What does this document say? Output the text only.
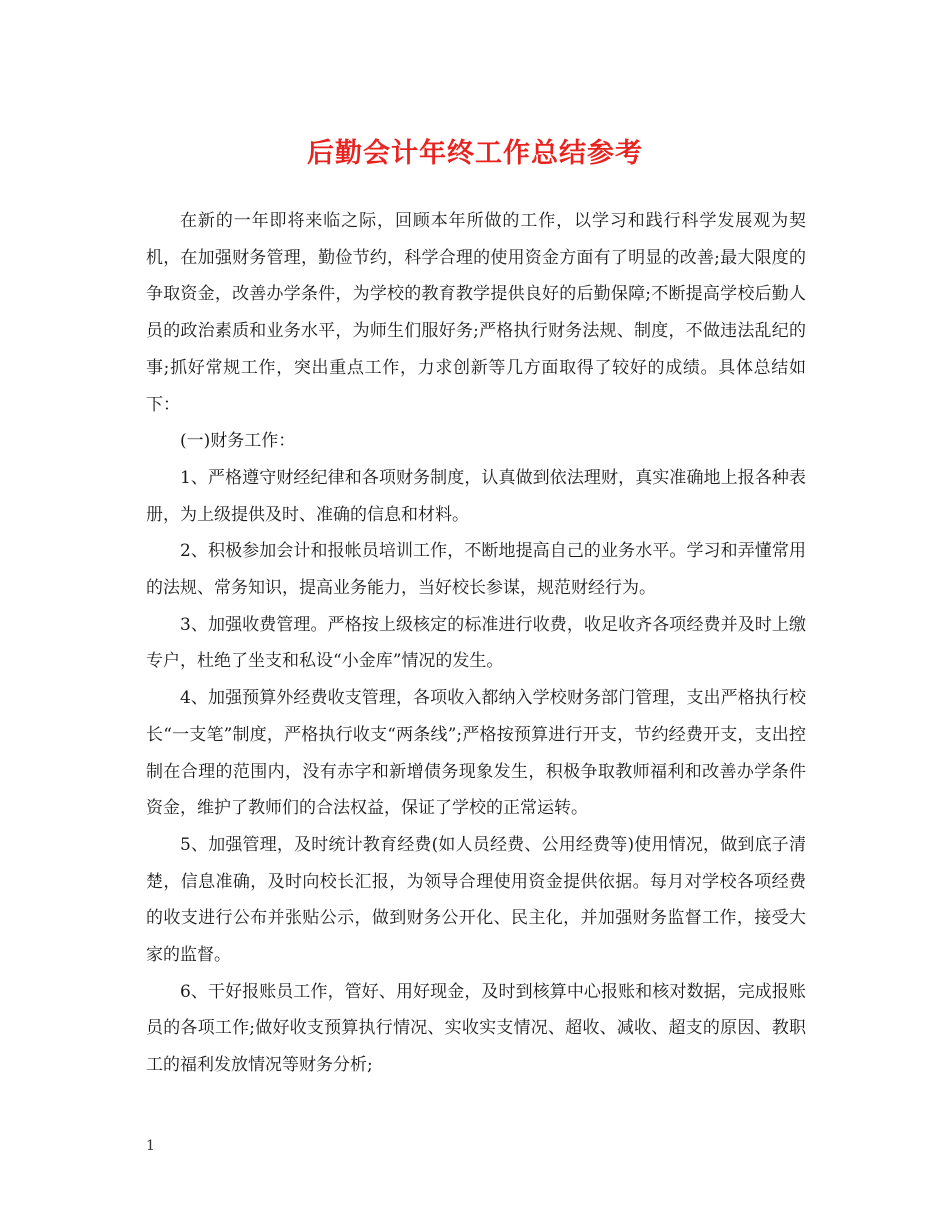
后勤会计年终工作总结参考

在新的一年即将来临之际，回顾本年所做的工作，以学习和践行科学发展观为契机，在加强财务管理，勤俭节约，科学合理的使用资金方面有了明显的改善;最大限度的争取资金，改善办学条件，为学校的教育教学提供良好的后勤保障;不断提高学校后勤人员的政治素质和业务水平，为师生们服好务;严格执行财务法规、制度，不做违法乱纪的事;抓好常规工作，突出重点工作，力求创新等几方面取得了较好的成绩。具体总结如下：

(一)财务工作：

1、严格遵守财经纪律和各项财务制度，认真做到依法理财，真实准确地上报各种表册，为上级提供及时、准确的信息和材料。

2、积极参加会计和报帐员培训工作，不断地提高自己的业务水平。学习和弄懂常用的法规、常务知识，提高业务能力，当好校长参谋，规范财经行为。

3、加强收费管理。严格按上级核定的标准进行收费，收足收齐各项经费并及时上缴专户，杜绝了坐支和私设“小金库”情况的发生。

4、加强预算外经费收支管理，各项收入都纳入学校财务部门管理，支出严格执行校长“一支笔”制度，严格执行收支“两条线”;严格按预算进行开支，节约经费开支，支出控制在合理的范围内，没有赤字和新增债务现象发生，积极争取教师福利和改善办学条件资金，维护了教师们的合法权益，保证了学校的正常运转。

5、加强管理，及时统计教育经费(如人员经费、公用经费等)使用情况，做到底子清楚，信息准确，及时向校长汇报，为领导合理使用资金提供依据。每月对学校各项经费的收支进行公布并张贴公示，做到财务公开化、民主化，并加强财务监督工作，接受大家的监督。

6、干好报账员工作，管好、用好现金，及时到核算中心报账和核对数据，完成报账员的各项工作;做好收支预算执行情况、实收实支情况、超收、减收、超支的原因、教职工的福利发放情况等财务分析;

1
